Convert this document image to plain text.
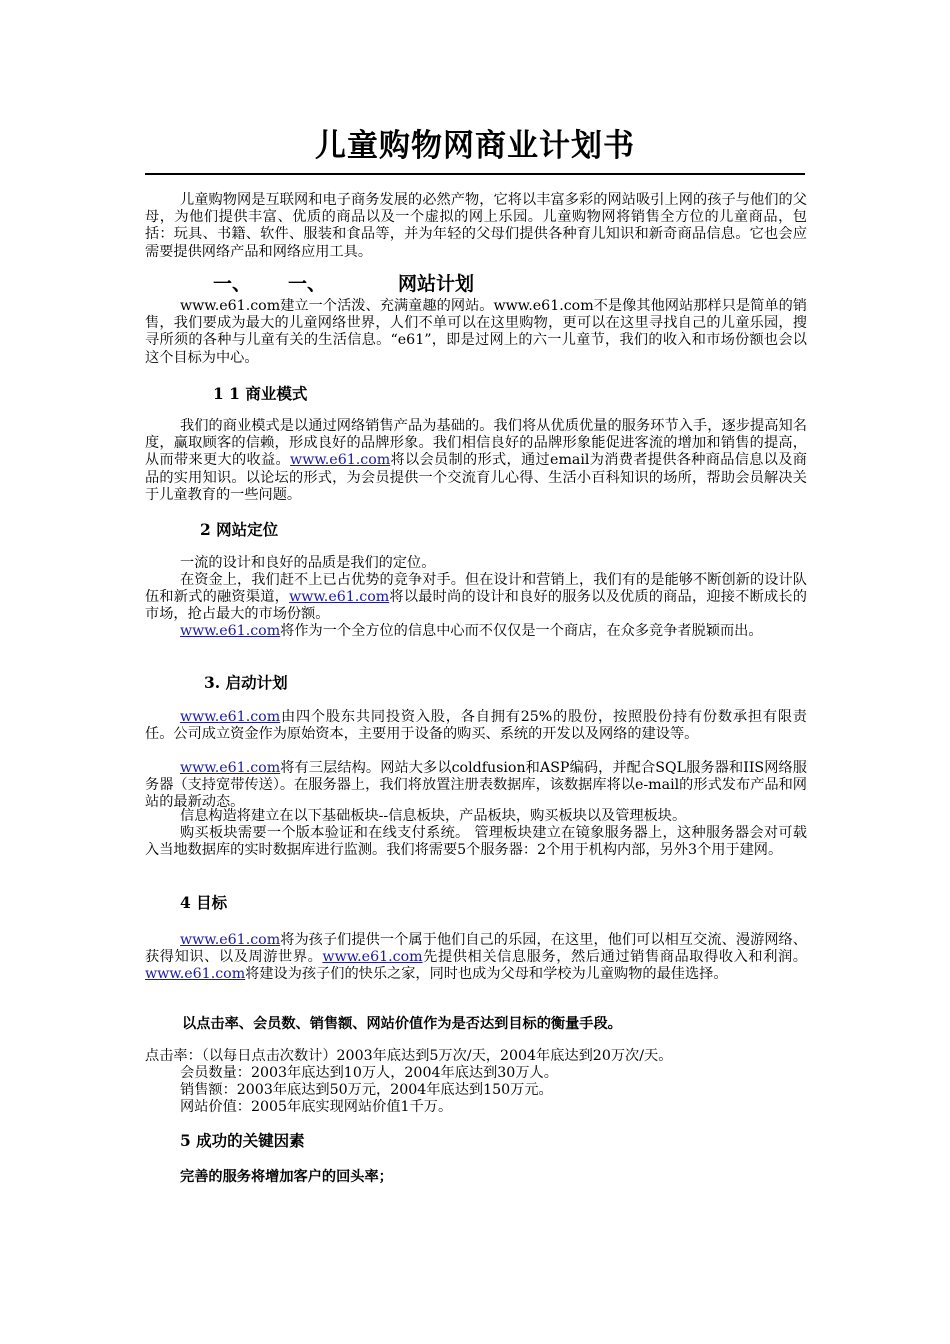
儿童购物网商业计划书

儿童购物网是互联网和电子商务发展的必然产物，它将以丰富多彩的网站吸引上网的孩子与他们的父母，为他们提供丰富、优质的商品以及一个虚拟的网上乐园。儿童购物网将销售全方位的儿童商品，包括：玩具、书籍、软件、服装和食品等，并为年轻的父母们提供各种育儿知识和新奇商品信息。它也会应需要提供网络产品和网络应用工具。

一、 一、	网站计划

www.e61.com建立一个活泼、充满童趣的网站。www.e61.com不是像其他网站那样只是简单的销售，我们要成为最大的儿童网络世界，人们不单可以在这里购物，更可以在这里寻找自己的儿童乐园，搜寻所须的各种与儿童有关的生活信息。“e61”，即是过网上的六一儿童节，我们的收入和市场份额也会以这个目标为中心。

1 1 商业模式

我们的商业模式是以通过网络销售产品为基础的。我们将从优质优量的服务环节入手，逐步提高知名度，赢取顾客的信赖，形成良好的品牌形象。我们相信良好的品牌形象能促进客流的增加和销售的提高，从而带来更大的收益。www.e61.com将以会员制的形式，通过email为消费者提供各种商品信息以及商品的实用知识。以论坛的形式，为会员提供一个交流育儿心得、生活小百科知识的场所，帮助会员解决关于儿童教育的一些问题。

2 网站定位

一流的设计和良好的品质是我们的定位。

在资金上，我们赶不上已占优势的竞争对手。但在设计和营销上，我们有的是能够不断创新的设计队伍和新式的融资渠道，www.e61.com将以最时尚的设计和良好的服务以及优质的商品，迎接不断成长的市场，抢占最大的市场份额。

www.e61.com将作为一个全方位的信息中心而不仅仅是一个商店，在众多竞争者脱颖而出。

3. 启动计划

www.e61.com由四个股东共同投资入股，各自拥有25%的股份，按照股份持有份数承担有限责任。公司成立资金作为原始资本，主要用于设备的购买、系统的开发以及网络的建设等。

www.e61.com将有三层结构。网站大多以coldfusion和ASP编码，并配合SQL服务器和IIS网络服务器（支持宽带传送）。在服务器上，我们将放置注册表数据库，该数据库将以e-mail的形式发布产品和网站的最新动态。

信息构造将建立在以下基础板块--信息板块，产品板块，购买板块以及管理板块。

购买板块需要一个版本验证和在线支付系统。 管理板块建立在镜象服务器上，这种服务器会对可载入当地数据库的实时数据库进行监测。我们将需要5个服务器：2个用于机构内部，另外3个用于建网。

4 目标

www.e61.com将为孩子们提供一个属于他们自己的乐园，在这里，他们可以相互交流、漫游网络、获得知识、以及周游世界。www.e61.com先提供相关信息服务，然后通过销售商品取得收入和利润。www.e61.com将建设为孩子们的快乐之家，同时也成为父母和学校为儿童购物的最佳选择。

以点击率、会员数、销售额、网站价值作为是否达到目标的衡量手段。

点击率：（以每日点击次数计）2003年底达到5万次/天，2004年底达到20万次/天。

会员数量：2003年底达到10万人，2004年底达到30万人。

销售额：2003年底达到50万元，2004年底达到150万元。

网站价值：2005年底实现网站价值1千万。

5 成功的关键因素

完善的服务将增加客户的回头率；
